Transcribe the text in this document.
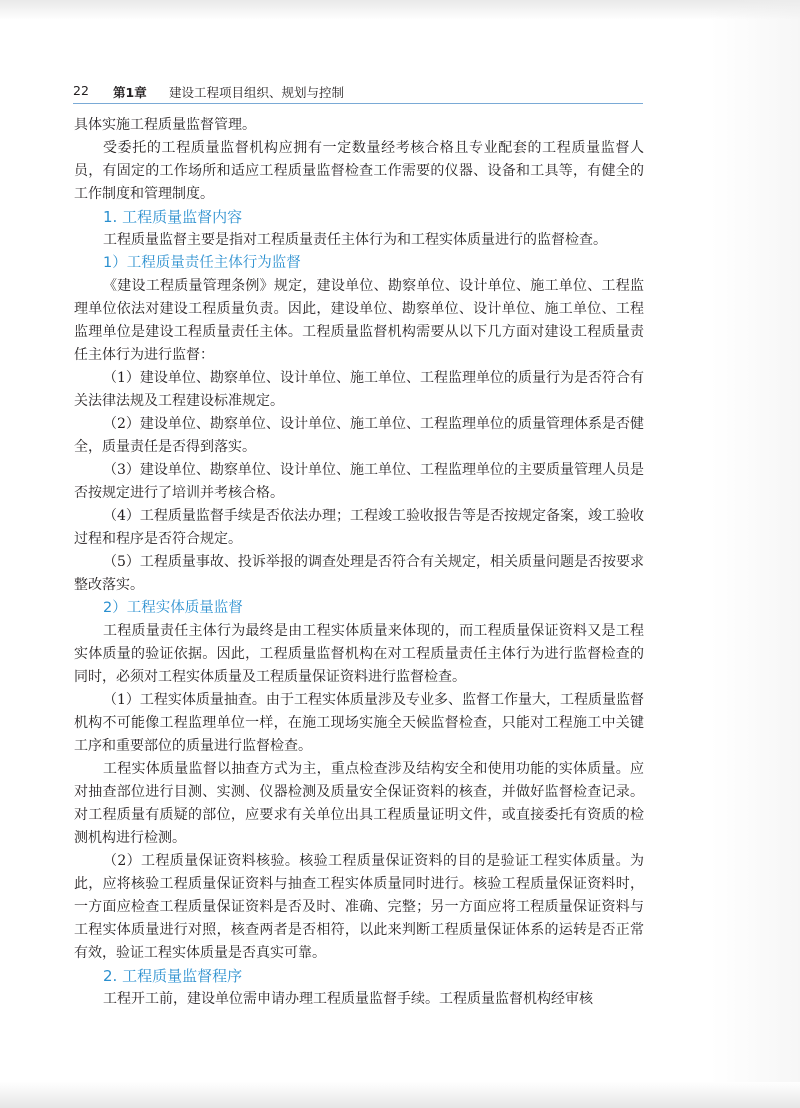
22 第1章 建设工程项目组织、规划与控制

具体实施工程质量监督管理。

受委托的工程质量监督机构应拥有一定数量经考核合格且专业配套的工程质量监督人员，有固定的工作场所和适应工程质量监督检查工作需要的仪器、设备和工具等，有健全的工作制度和管理制度。

1. 工程质量监督内容

工程质量监督主要是指对工程质量责任主体行为和工程实体质量进行的监督检查。

1）工程质量责任主体行为监督

《建设工程质量管理条例》规定，建设单位、勘察单位、设计单位、施工单位、工程监理单位依法对建设工程质量负责。因此，建设单位、勘察单位、设计单位、施工单位、工程监理单位是建设工程质量责任主体。工程质量监督机构需要从以下几方面对建设工程质量责任主体行为进行监督：

（1）建设单位、勘察单位、设计单位、施工单位、工程监理单位的质量行为是否符合有关法律法规及工程建设标准规定。

（2）建设单位、勘察单位、设计单位、施工单位、工程监理单位的质量管理体系是否健全，质量责任是否得到落实。

（3）建设单位、勘察单位、设计单位、施工单位、工程监理单位的主要质量管理人员是否按规定进行了培训并考核合格。

（4）工程质量监督手续是否依法办理；工程竣工验收报告等是否按规定备案，竣工验收过程和程序是否符合规定。

（5）工程质量事故、投诉举报的调查处理是否符合有关规定，相关质量问题是否按要求整改落实。

2）工程实体质量监督

工程质量责任主体行为最终是由工程实体质量来体现的，而工程质量保证资料又是工程实体质量的验证依据。因此，工程质量监督机构在对工程质量责任主体行为进行监督检查的同时，必须对工程实体质量及工程质量保证资料进行监督检查。

（1）工程实体质量抽查。由于工程实体质量涉及专业多、监督工作量大，工程质量监督机构不可能像工程监理单位一样，在施工现场实施全天候监督检查，只能对工程施工中关键工序和重要部位的质量进行监督检查。

工程实体质量监督以抽查方式为主，重点检查涉及结构安全和使用功能的实体质量。应对抽查部位进行目测、实测、仪器检测及质量安全保证资料的核查，并做好监督检查记录。对工程质量有质疑的部位，应要求有关单位出具工程质量证明文件，或直接委托有资质的检测机构进行检测。

（2）工程质量保证资料核验。核验工程质量保证资料的目的是验证工程实体质量。为此，应将核验工程质量保证资料与抽查工程实体质量同时进行。核验工程质量保证资料时，一方面应检查工程质量保证资料是否及时、准确、完整；另一方面应将工程质量保证资料与工程实体质量进行对照，核查两者是否相符，以此来判断工程质量保证体系的运转是否正常有效，验证工程实体质量是否真实可靠。

2. 工程质量监督程序

工程开工前，建设单位需申请办理工程质量监督手续。工程质量监督机构经审核
